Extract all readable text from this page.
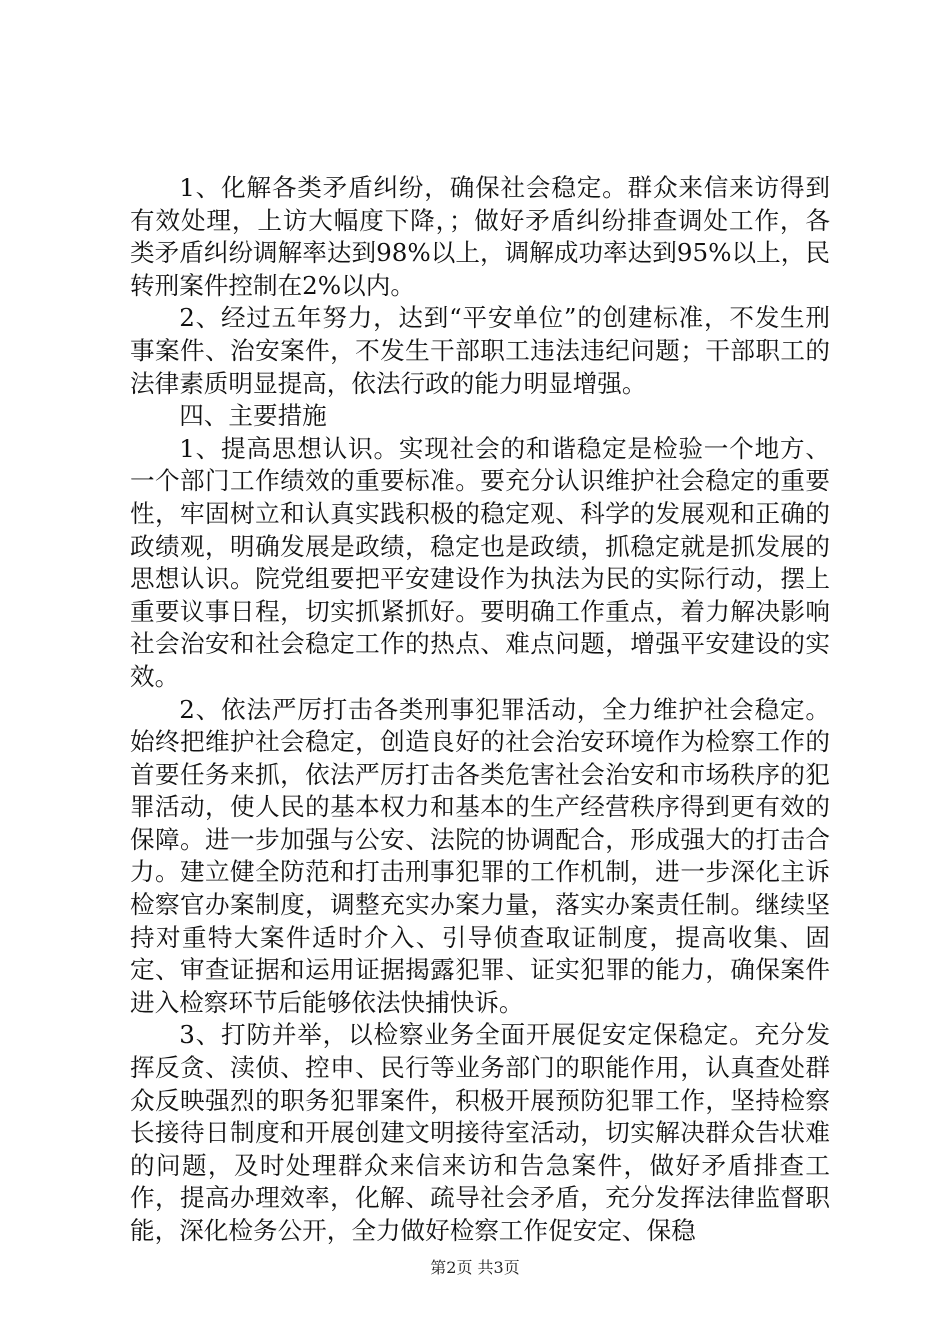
1、化解各类矛盾纠纷，确保社会稳定。群众来信来访得到有效处理，上访大幅度下降，；做好矛盾纠纷排查调处工作，各类矛盾纠纷调解率达到98%以上，调解成功率达到95%以上，民转刑案件控制在2%以内。

2、经过五年努力，达到“平安单位”的创建标准，不发生刑事案件、治安案件，不发生干部职工违法违纪问题；干部职工的法律素质明显提高，依法行政的能力明显增强。

四、主要措施

1、提高思想认识。实现社会的和谐稳定是检验一个地方、一个部门工作绩效的重要标准。要充分认识维护社会稳定的重要性，牢固树立和认真实践积极的稳定观、科学的发展观和正确的政绩观，明确发展是政绩，稳定也是政绩，抓稳定就是抓发展的思想认识。院党组要把平安建设作为执法为民的实际行动，摆上重要议事日程，切实抓紧抓好。要明确工作重点，着力解决影响社会治安和社会稳定工作的热点、难点问题，增强平安建设的实效。

2、依法严厉打击各类刑事犯罪活动，全力维护社会稳定。始终把维护社会稳定，创造良好的社会治安环境作为检察工作的首要任务来抓，依法严厉打击各类危害社会治安和市场秩序的犯罪活动，使人民的基本权力和基本的生产经营秩序得到更有效的保障。进一步加强与公安、法院的协调配合，形成强大的打击合力。建立健全防范和打击刑事犯罪的工作机制，进一步深化主诉检察官办案制度，调整充实办案力量，落实办案责任制。继续坚持对重特大案件适时介入、引导侦查取证制度，提高收集、固定、审查证据和运用证据揭露犯罪、证实犯罪的能力，确保案件进入检察环节后能够依法快捕快诉。

3、打防并举，以检察业务全面开展促安定保稳定。充分发挥反贪、渎侦、控申、民行等业务部门的职能作用，认真查处群众反映强烈的职务犯罪案件，积极开展预防犯罪工作，坚持检察长接待日制度和开展创建文明接待室活动，切实解决群众告状难的问题，及时处理群众来信来访和告急案件，做好矛盾排查工作，提高办理效率，化解、疏导社会矛盾，充分发挥法律监督职能，深化检务公开，全力做好检察工作促安定、保稳

第2页 共3页
